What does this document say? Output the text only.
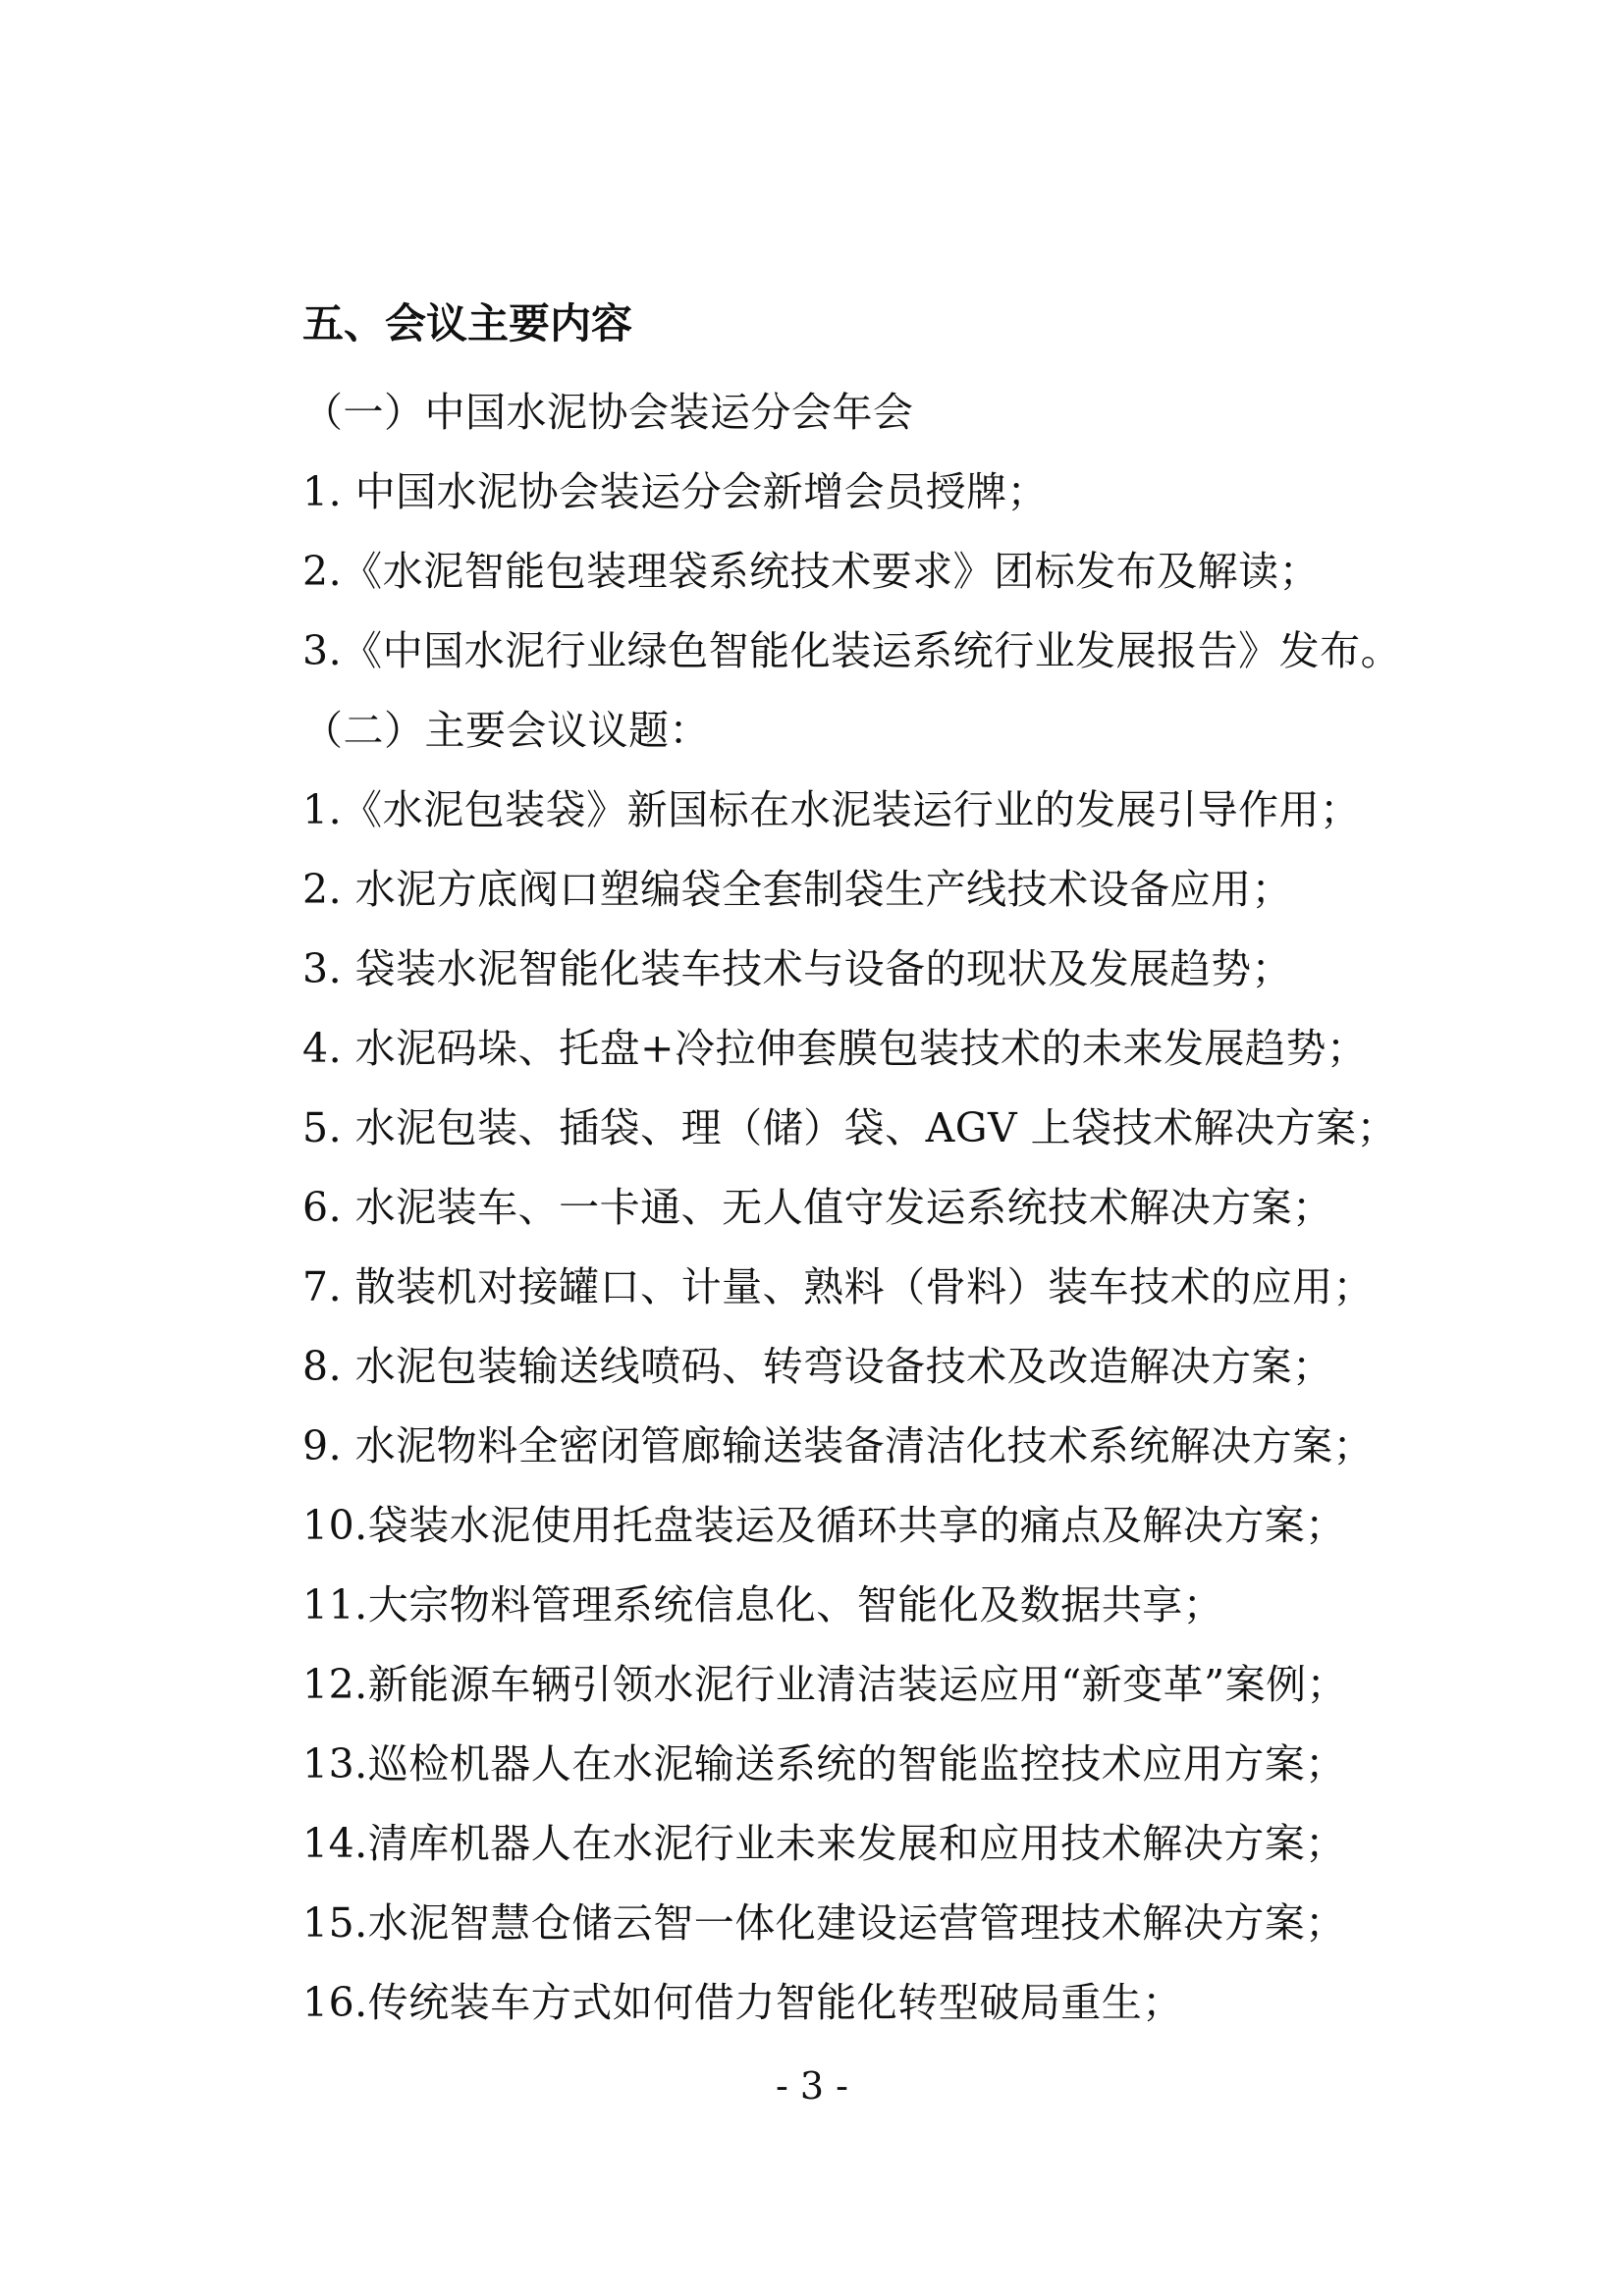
五、会议主要内容
（一）中国水泥协会装运分会年会
1. 中国水泥协会装运分会新增会员授牌；
2.《水泥智能包装理袋系统技术要求》团标发布及解读；
3.《中国水泥行业绿色智能化装运系统行业发展报告》发布。
（二）主要会议议题：
1.《水泥包装袋》新国标在水泥装运行业的发展引导作用；
2. 水泥方底阀口塑编袋全套制袋生产线技术设备应用；
3. 袋装水泥智能化装车技术与设备的现状及发展趋势；
4. 水泥码垛、托盘+冷拉伸套膜包装技术的未来发展趋势；
5. 水泥包装、插袋、理（储）袋、AGV 上袋技术解决方案；
6. 水泥装车、一卡通、无人值守发运系统技术解决方案；
7. 散装机对接罐口、计量、熟料（骨料）装车技术的应用；
8. 水泥包装输送线喷码、转弯设备技术及改造解决方案；
9. 水泥物料全密闭管廊输送装备清洁化技术系统解决方案；
10.袋装水泥使用托盘装运及循环共享的痛点及解决方案；
11.大宗物料管理系统信息化、智能化及数据共享；
12.新能源车辆引领水泥行业清洁装运应用“新变革”案例；
13.巡检机器人在水泥输送系统的智能监控技术应用方案；
14.清库机器人在水泥行业未来发展和应用技术解决方案；
15.水泥智慧仓储云智一体化建设运营管理技术解决方案；
16.传统装车方式如何借力智能化转型破局重生；
- 3 -
